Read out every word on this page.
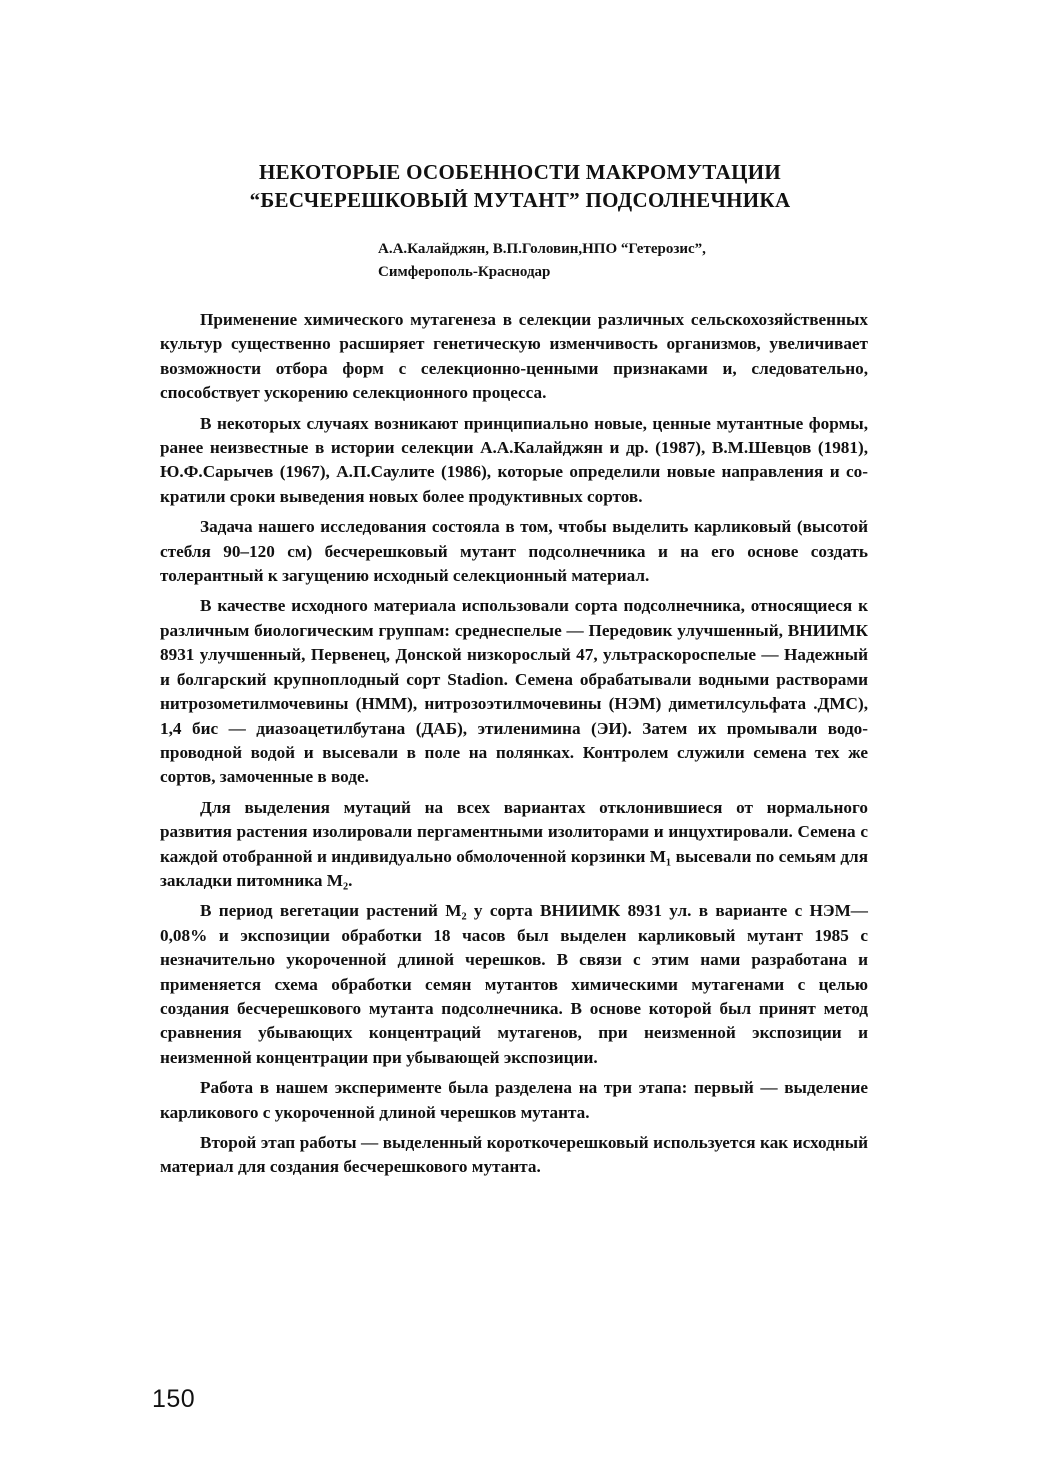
НЕКОТОРЫЕ ОСОБЕННОСТИ МАКРОМУТАЦИИ
“БЕСЧЕРЕШКОВЫЙ МУТАНТ” ПОДСОЛНЕЧНИКА
А.А.Калайджян, В.П.Головин,НПО “Гетерозис”,
Симферополь-Краснодар

Применение химического мутагенеза в селекции различных сельскохозяйственных культур существенно расширяет генетическую изменчивость организмов, увеличивает возможности отбора форм с селекционно-ценными признаками и, следовательно, способствует ускорению селекционного процесса.

В некоторых случаях возникают принципиально новые, ценные мутантные формы, ранее неизвестные в истории селекции А.А.Калайджян и др. (1987), В.М.Шевцов (1981), Ю.Ф.Сарычев (1967), А.П.Саулите (1986), которые определили новые направления и сократили сроки выведения новых более продуктивных сортов.

Задача нашего исследования состояла в том, чтобы выделить карликовый (высотой стебля 90–120 см) бесчерешковый мутант подсолнечника и на его основе создать толерантный к загущению исходный селекционный материал.

В качестве исходного материала использовали сорта подсолнечника, относящиеся к различным биологическим группам: среднеспелые — Передовик улучшенный, ВНИИМК 8931 улучшенный, Первенец, Донской низкорослый 47, ультраскороспелые — Надежный и болгарский крупноплодный сорт Stadion. Семена обрабатывали водными растворами нитрозометилмочевины (НММ), нитрозоэтилмочевины (НЭМ) диметилсульфата .ДМС), 1,4 бис — диазоацетилбутана (ДАБ), этиленимина (ЭИ). Затем их промывали водопроводной водой и высевали в поле на полянках. Контролем служили семена тех же сортов, замоченные в воде.

Для выделения мутаций на всех вариантах отклонившиеся от нормального развития растения изолировали пергаментными изолиторами и инцухтировали. Семена с каждой отобранной и индивидуально обмолоченной корзинки М₁ высевали по семьям для закладки питомника М₂.

В период вегетации растений М₂ у сорта ВНИИМК 8931 ул. в варианте с НЭМ—0,08% и экспозиции обработки 18 часов был выделен карликовый мутант 1985 с незначительно укороченной длиной черешков. В связи с этим нами разработана и применяется схема обработки семян мутантов химическими мутагенами с целью создания бесчерешкового мутанта подсолнечника. В основе которой был принят метод сравнения убывающих концентраций мутагенов, при неизменной экспозиции и неизменной концентрации при убывающей экспозиции.

Работа в нашем эксперименте была разделена на три этапа: первый — выделение карликового с укороченной длиной черешков мутанта.

Второй этап работы — выделенный короткочерешковый используется как исходный материал для создания бесчерешкового мутанта.

150
